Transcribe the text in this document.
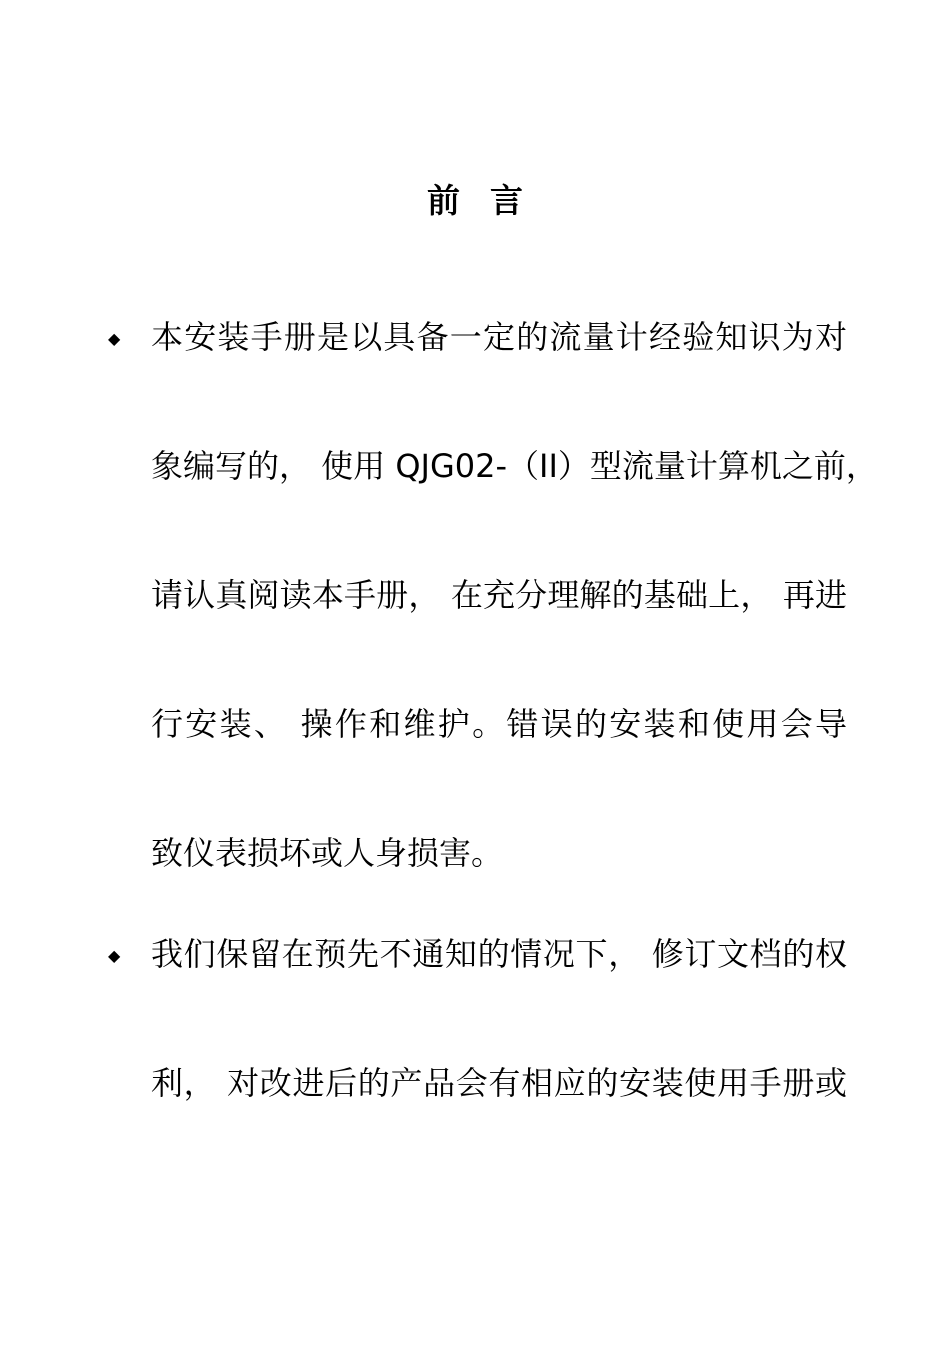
前 言
◆ 本安装手册是以具备一定的流量计经验知识为对
象编写的， 使用 QJG02-（II）型流量计算机之前，
请认真阅读本手册， 在充分理解的基础上， 再进
行安装、 操作和维护。错误的安装和使用会导
致仪表损坏或人身损害。
◆ 我们保留在预先不通知的情况下， 修订文档的权
利， 对改进后的产品会有相应的安装使用手册或
